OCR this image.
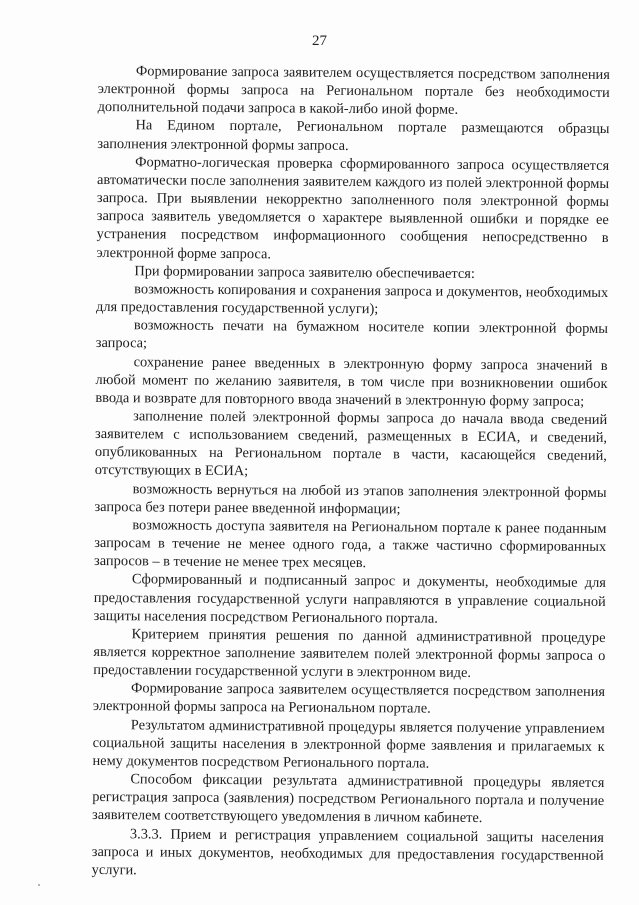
27

Формирование запроса заявителем осуществляется посредством заполнения электронной формы запроса на Региональном портале без необходимости дополнительной подачи запроса в какой-либо иной форме.

На Едином портале, Региональном портале размещаются образцы заполнения электронной формы запроса.

Форматно-логическая проверка сформированного запроса осуществляется автоматически после заполнения заявителем каждого из полей электронной формы запроса. При выявлении некорректно заполненного поля электронной формы запроса заявитель уведомляется о характере выявленной ошибки и порядке ее устранения посредством информационного сообщения непосредственно в электронной форме запроса.

При формировании запроса заявителю обеспечивается:

возможность копирования и сохранения запроса и документов, необходимых для предоставления государственной услуги);

возможность печати на бумажном носителе копии электронной формы запроса;

сохранение ранее введенных в электронную форму запроса значений в любой момент по желанию заявителя, в том числе при возникновении ошибок ввода и возврате для повторного ввода значений в электронную форму запроса;

заполнение полей электронной формы запроса до начала ввода сведений заявителем с использованием сведений, размещенных в ЕСИА, и сведений, опубликованных на Региональном портале в части, касающейся сведений, отсутствующих в ЕСИА;

возможность вернуться на любой из этапов заполнения электронной формы запроса без потери ранее введенной информации;

возможность доступа заявителя на Региональном портале к ранее поданным запросам в течение не менее одного года, а также частично сформированных запросов – в течение не менее трех месяцев.

Сформированный и подписанный запрос и документы, необходимые для предоставления государственной услуги направляются в управление социальной защиты населения посредством Регионального портала.

Критерием принятия решения по данной административной процедуре является корректное заполнение заявителем полей электронной формы запроса о предоставлении государственной услуги в электронном виде.

Формирование запроса заявителем осуществляется посредством заполнения электронной формы запроса на Региональном портале.

Результатом административной процедуры является получение управлением социальной защиты населения в электронной форме заявления и прилагаемых к нему документов посредством Регионального портала.

Способом фиксации результата административной процедуры является регистрация запроса (заявления) посредством Регионального портала и получение заявителем соответствующего уведомления в личном кабинете.

3.3.3. Прием и регистрация управлением социальной защиты населения запроса и иных документов, необходимых для предоставления государственной услуги.
